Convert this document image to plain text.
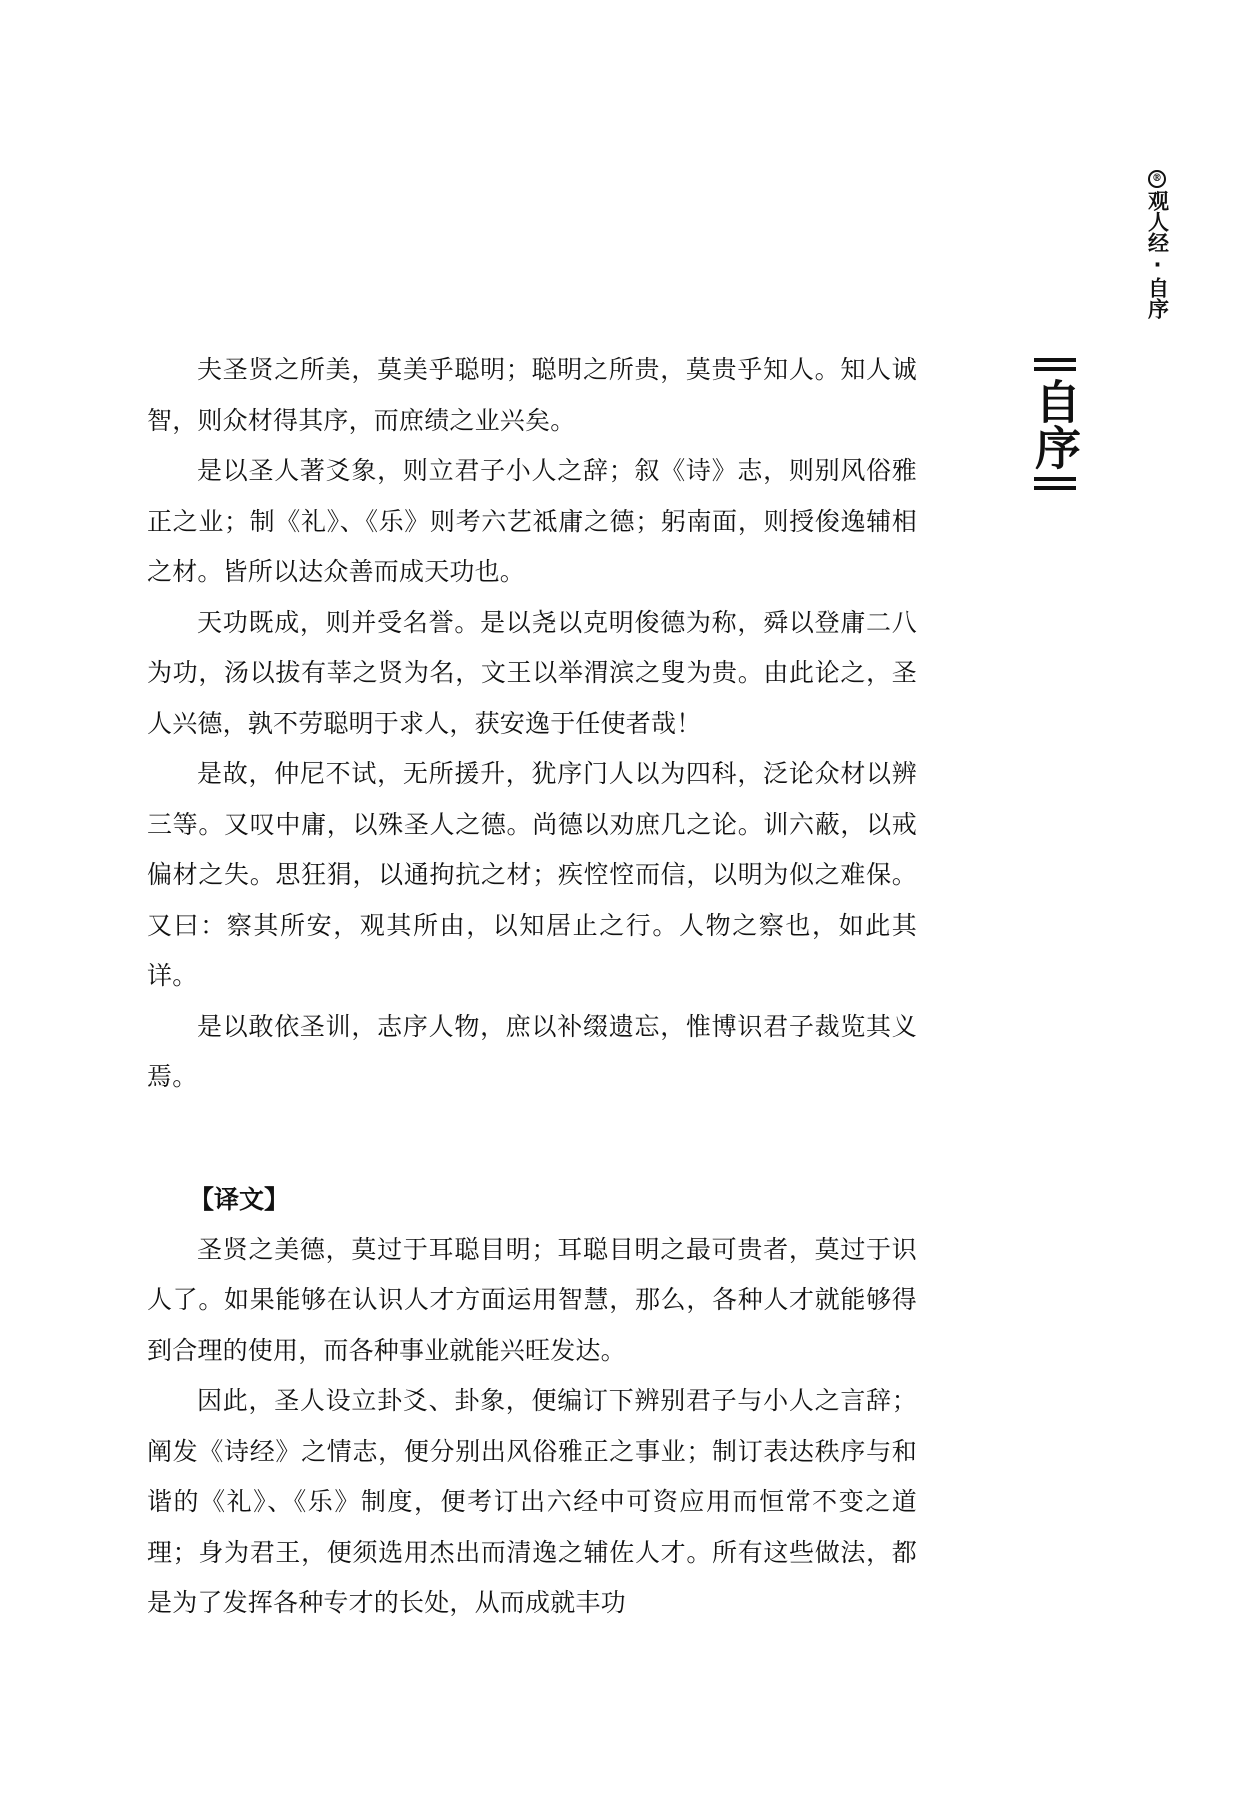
®
观人经·自序
自序

夫圣贤之所美，莫美乎聪明；聪明之所贵，莫贵乎知人。知人诚智，则众材得其序，而庶绩之业兴矣。

是以圣人著爻象，则立君子小人之辞；叙《诗》志，则别风俗雅正之业；制《礼》、《乐》则考六艺祗庸之德；躬南面，则授俊逸辅相之材。皆所以达众善而成天功也。

天功既成，则并受名誉。是以尧以克明俊德为称，舜以登庸二八为功，汤以拔有莘之贤为名，文王以举渭滨之叟为贵。由此论之，圣人兴德，孰不劳聪明于求人，获安逸于任使者哉！

是故，仲尼不试，无所援升，犹序门人以为四科，泛论众材以辨三等。又叹中庸，以殊圣人之德。尚德以劝庶几之论。训六蔽，以戒偏材之失。思狂狷，以通拘抗之材；疾悾悾而信，以明为似之难保。又曰：察其所安，观其所由，以知居止之行。人物之察也，如此其详。

是以敢依圣训，志序人物，庶以补缀遗忘，惟博识君子裁览其义焉。

【译文】

圣贤之美德，莫过于耳聪目明；耳聪目明之最可贵者，莫过于识人了。如果能够在认识人才方面运用智慧，那么，各种人才就能够得到合理的使用，而各种事业就能兴旺发达。

因此，圣人设立卦爻、卦象，便编订下辨别君子与小人之言辞；阐发《诗经》之情志，便分别出风俗雅正之事业；制订表达秩序与和谐的《礼》、《乐》制度，便考订出六经中可资应用而恒常不变之道理；身为君王，便须选用杰出而清逸之辅佐人才。所有这些做法，都是为了发挥各种专才的长处，从而成就丰功
